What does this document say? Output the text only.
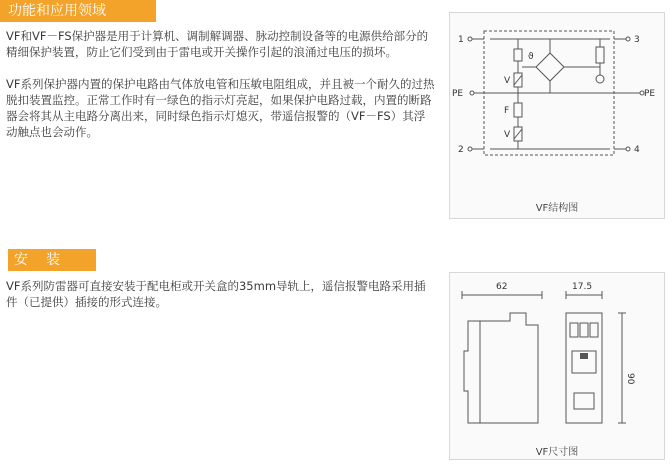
功能和应用领域

VF和VF－FS保护器是用于计算机、调制解调器、脉动控制设备等的电源供给部分的精细保护装置，防止它们受到由于雷电或开关操作引起的浪涌过电压的损坏。

VF系列保护器内置的保护电路由气体放电管和压敏电阻组成，并且被一个耐久的过热脱扣装置监控。正常工作时有一绿色的指示灯亮起，如果保护电路过载，内置的断路器会将其从主电路分离出来，同时绿色指示灯熄灭，带遥信报警的（VF－FS）其浮动触点也会动作。

安装

VF系列防雷器可直接安装于配电柜或开关盒的35mm导轨上，遥信报警电路采用插件（已提供）插接的形式连接。

1
2
3
4
PE	PE
ϑ
V
F
V
VF结构图
62	17.5
90
VF尺寸图
